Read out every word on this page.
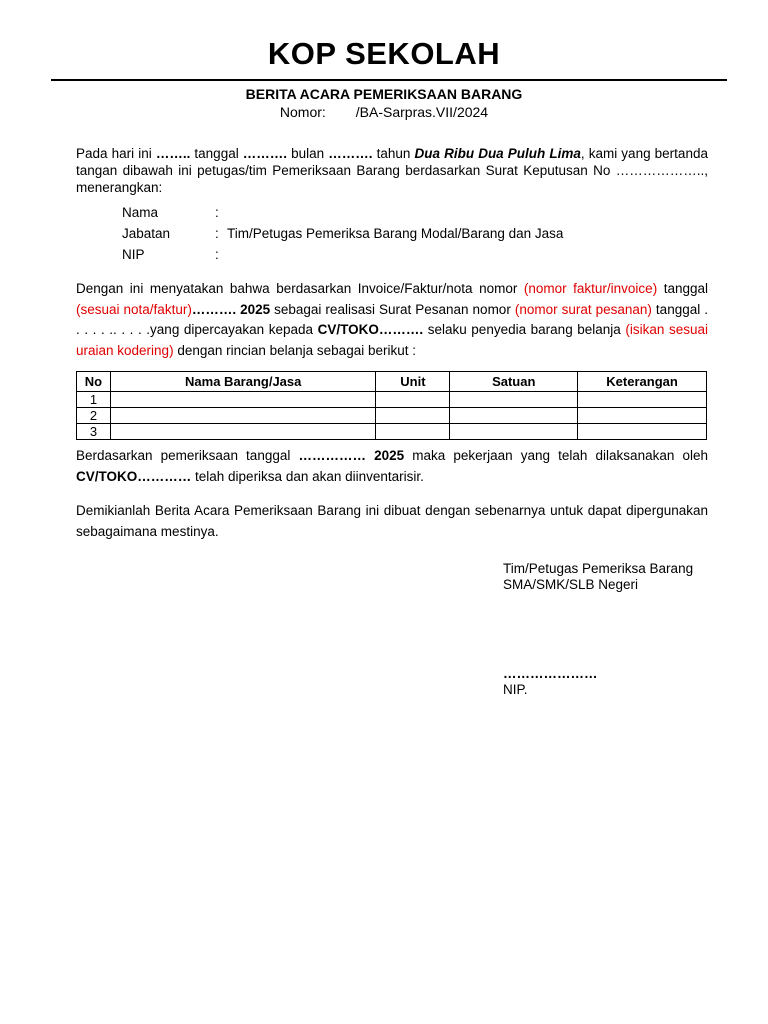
KOP SEKOLAH
BERITA ACARA PEMERIKSAAN BARANG
Nomor: /BA-Sarpras.VII/2024
Pada hari ini …….. tanggal ………. bulan ………. tahun Dua Ribu Dua Puluh Lima, kami yang bertanda tangan dibawah ini petugas/tim Pemeriksaan Barang berdasarkan Surat Keputusan No ……………….., menerangkan:
Nama	:
Jabatan	: Tim/Petugas Pemeriksa Barang Modal/Barang dan Jasa
NIP	:
Dengan ini menyatakan bahwa berdasarkan Invoice/Faktur/nota nomor (nomor faktur/invoice) tanggal (sesuai nota/faktur)………. 2025 sebagai realisasi Surat Pesanan nomor (nomor surat pesanan) tanggal . . . . . .. . . . .yang dipercayakan kepada CV/TOKO………. selaku penyedia barang belanja (isikan sesuai uraian kodering) dengan rincian belanja sebagai berikut :
No	Nama Barang/Jasa	Unit	Satuan	Keterangan
1				
2				
3				
Berdasarkan pemeriksaan tanggal …………… 2025 maka pekerjaan yang telah dilaksanakan oleh CV/TOKO………… telah diperiksa dan akan diinventarisir.
Demikianlah Berita Acara Pemeriksaan Barang ini dibuat dengan sebenarnya untuk dapat dipergunakan sebagaimana mestinya.
Tim/Petugas Pemeriksa Barang
SMA/SMK/SLB Negeri
…………………
NIP.
